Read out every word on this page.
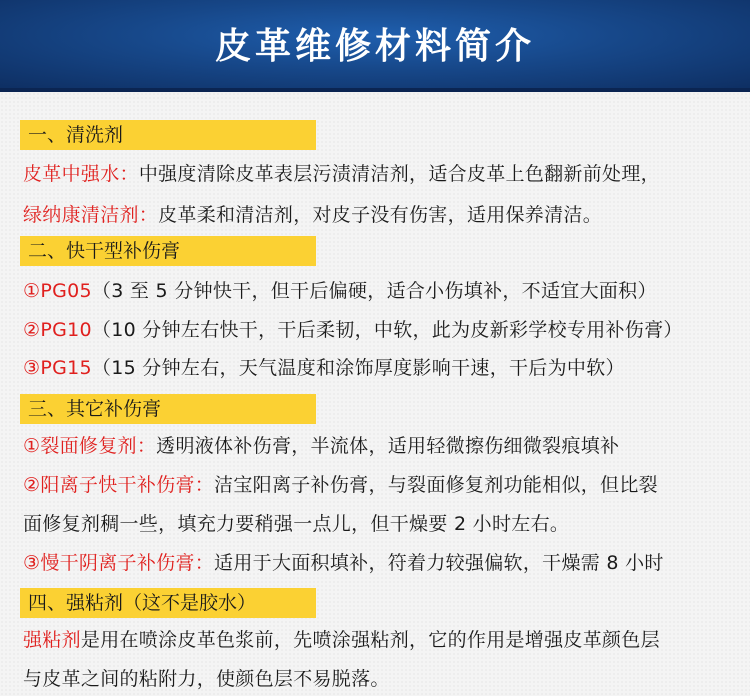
皮革维修材料简介
一、清洗剂
皮革中强水：中强度清除皮革表层污渍清洁剂，适合皮革上色翻新前处理，
绿纳康清洁剂：皮革柔和清洁剂，对皮子没有伤害，适用保养清洁。
二、快干型补伤膏
①PG05（3 至 5 分钟快干，但干后偏硬，适合小伤填补，不适宜大面积）
②PG10（10 分钟左右快干，干后柔韧，中软，此为皮新彩学校专用补伤膏）
③PG15（15 分钟左右，天气温度和涂饰厚度影响干速，干后为中软）
三、其它补伤膏
①裂面修复剂：透明液体补伤膏，半流体，适用轻微擦伤细微裂痕填补
②阳离子快干补伤膏：洁宝阳离子补伤膏，与裂面修复剂功能相似，但比裂
面修复剂稠一些，填充力要稍强一点儿，但干燥要 2 小时左右。
③慢干阴离子补伤膏：适用于大面积填补，符着力较强偏软，干燥需 8 小时
四、强粘剂（这不是胶水）
强粘剂是用在喷涂皮革色浆前，先喷涂强粘剂，它的作用是增强皮革颜色层
与皮革之间的粘附力，使颜色层不易脱落。
